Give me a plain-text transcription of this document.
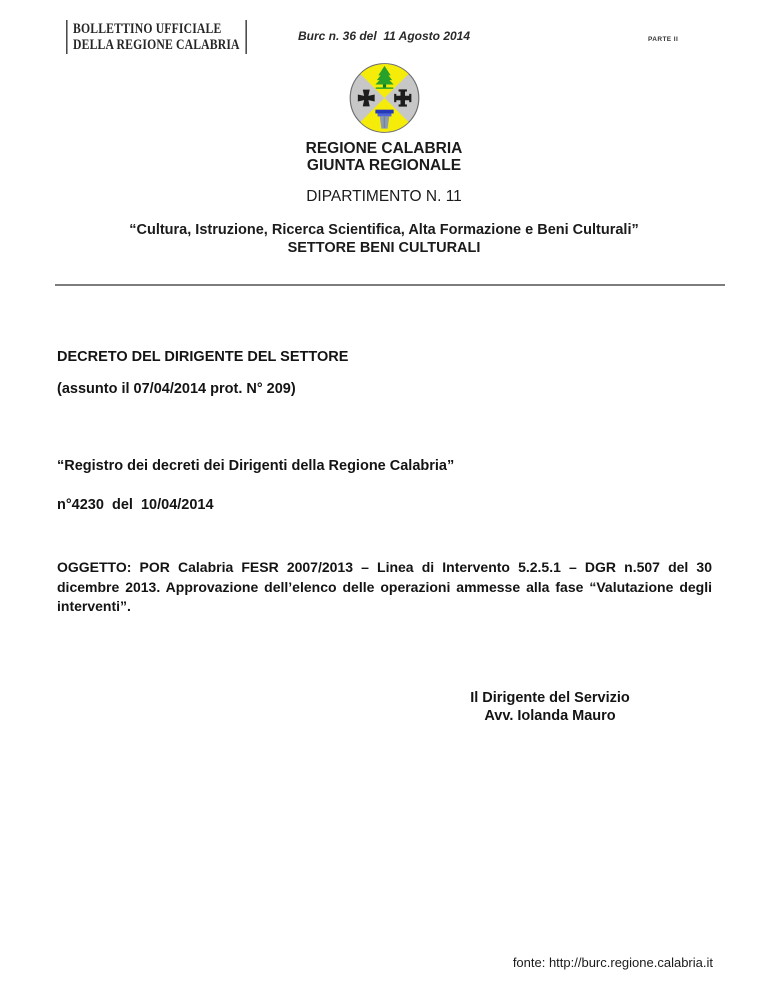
BOLLETTINO UFFICIALE
DELLA REGIONE CALABRIA
Burc n. 36 del  11 Agosto 2014	PARTE II
REGIONE CALABRIA
GIUNTA REGIONALE
DIPARTIMENTO N. 11
“Cultura, Istruzione, Ricerca Scientifica, Alta Formazione e Beni Culturali”
SETTORE BENI CULTURALI
DECRETO DEL DIRIGENTE DEL SETTORE
(assunto il 07/04/2014 prot. N° 209)
“Registro dei decreti dei Dirigenti della Regione Calabria”
n°4230  del  10/04/2014
OGGETTO: POR Calabria FESR 2007/2013 – Linea di Intervento 5.2.5.1 – DGR n.507 del 30 dicembre 2013. Approvazione dell’elenco delle operazioni ammesse alla fase “Valutazione degli interventi”.
Il Dirigente del Servizio
Avv. Iolanda Mauro
fonte: http://burc.regione.calabria.it
